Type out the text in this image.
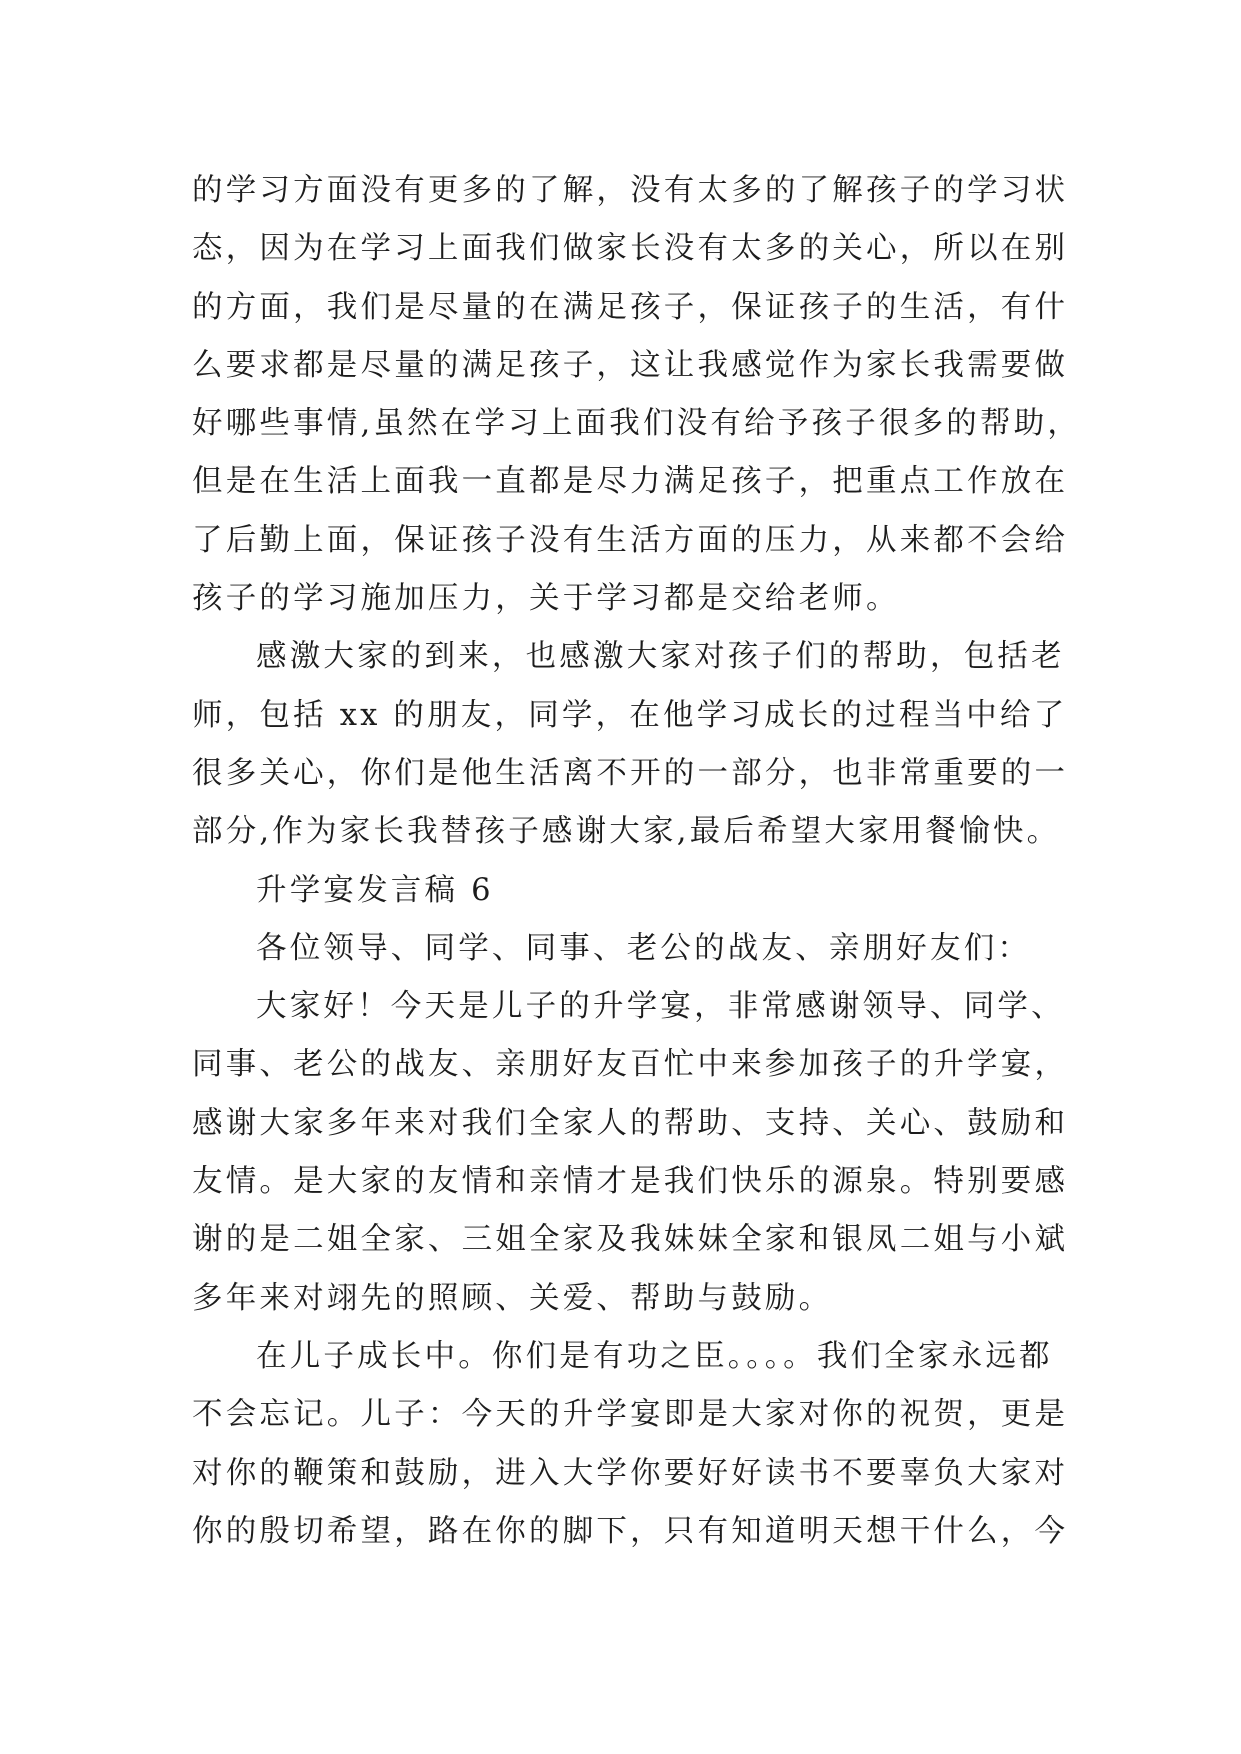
的学习方面没有更多的了解，没有太多的了解孩子的学习状
态，因为在学习上面我们做家长没有太多的关心，所以在别
的方面，我们是尽量的在满足孩子，保证孩子的生活，有什
么要求都是尽量的满足孩子，这让我感觉作为家长我需要做
好哪些事情,虽然在学习上面我们没有给予孩子很多的帮助，
但是在生活上面我一直都是尽力满足孩子，把重点工作放在
了后勤上面，保证孩子没有生活方面的压力，从来都不会给
孩子的学习施加压力，关于学习都是交给老师。
感激大家的到来，也感激大家对孩子们的帮助，包括老
师，包括 xx 的朋友，同学，在他学习成长的过程当中给了
很多关心，你们是他生活离不开的一部分，也非常重要的一
部分,作为家长我替孩子感谢大家,最后希望大家用餐愉快。
升学宴发言稿 6
各位领导、同学、同事、老公的战友、亲朋好友们：
大家好！今天是儿子的升学宴，非常感谢领导、同学、
同事、老公的战友、亲朋好友百忙中来参加孩子的升学宴，
感谢大家多年来对我们全家人的帮助、支持、关心、鼓励和
友情。是大家的友情和亲情才是我们快乐的源泉。特别要感
谢的是二姐全家、三姐全家及我妹妹全家和银凤二姐与小斌
多年来对翊先的照顾、关爱、帮助与鼓励。
在儿子成长中。你们是有功之臣。。。。我们全家永远都
不会忘记。儿子：今天的升学宴即是大家对你的祝贺，更是
对你的鞭策和鼓励，进入大学你要好好读书不要辜负大家对
你的殷切希望，路在你的脚下，只有知道明天想干什么，今
